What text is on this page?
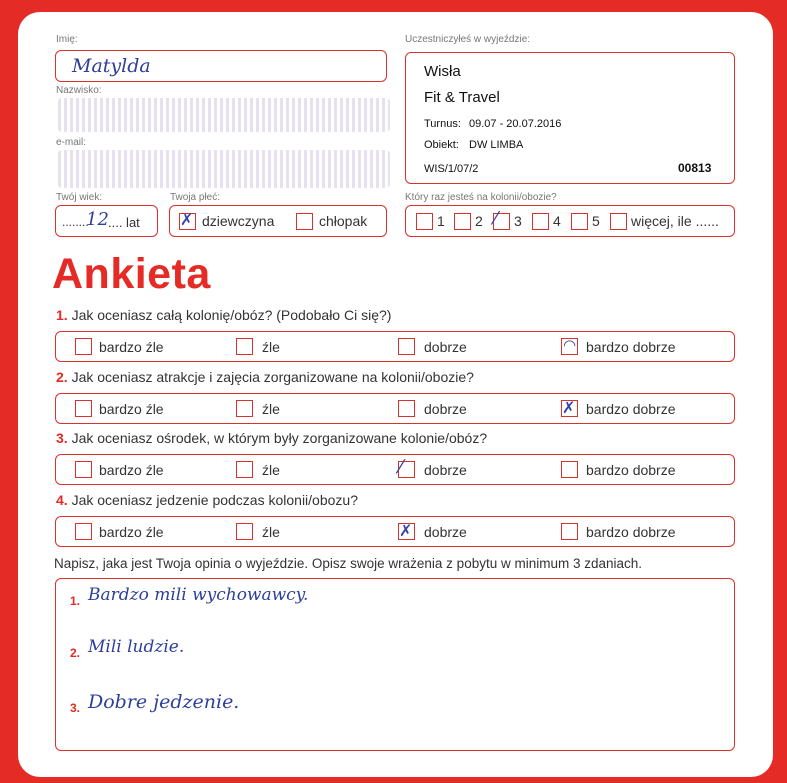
Imię:
Matylda
Nazwisko:
e-mail:
Twój wiek:
........
12 .... lat
Twoja płeć:
✗ dziewczyna	chłopak
Uczestniczyłeś w wyjeździe:
Wisła
Fit & Travel
Turnus: 09.07 - 20.07.2016
Obiekt: DW LIMBA
WIS/1/07/2	00813
Który raz jesteś na kolonii/obozie?
1 2 ⁄ 3 4 5 więcej, ile ......
Ankieta
1. Jak oceniasz całą kolonię/obóz? (Podobało Ci się?)
bardzo źle	źle	dobrze	◠ bardzo dobrze
2. Jak oceniasz atrakcje i zajęcia zorganizowane na kolonii/obozie?
bardzo źle	źle	dobrze	✗ bardzo dobrze
3. Jak oceniasz ośrodek, w którym były zorganizowane kolonie/obóz?
bardzo źle	źle	⁄ dobrze	bardzo dobrze
4. Jak oceniasz jedzenie podczas kolonii/obozu?
bardzo źle	źle	✗ dobrze	bardzo dobrze
Napisz, jaka jest Twoja opinia o wyjeździe. Opisz swoje wrażenia z pobytu w minimum 3 zdaniach.
1. Bardzo mili wychowawcy.
2. Mili ludzie.
3. Dobre jedzenie.
